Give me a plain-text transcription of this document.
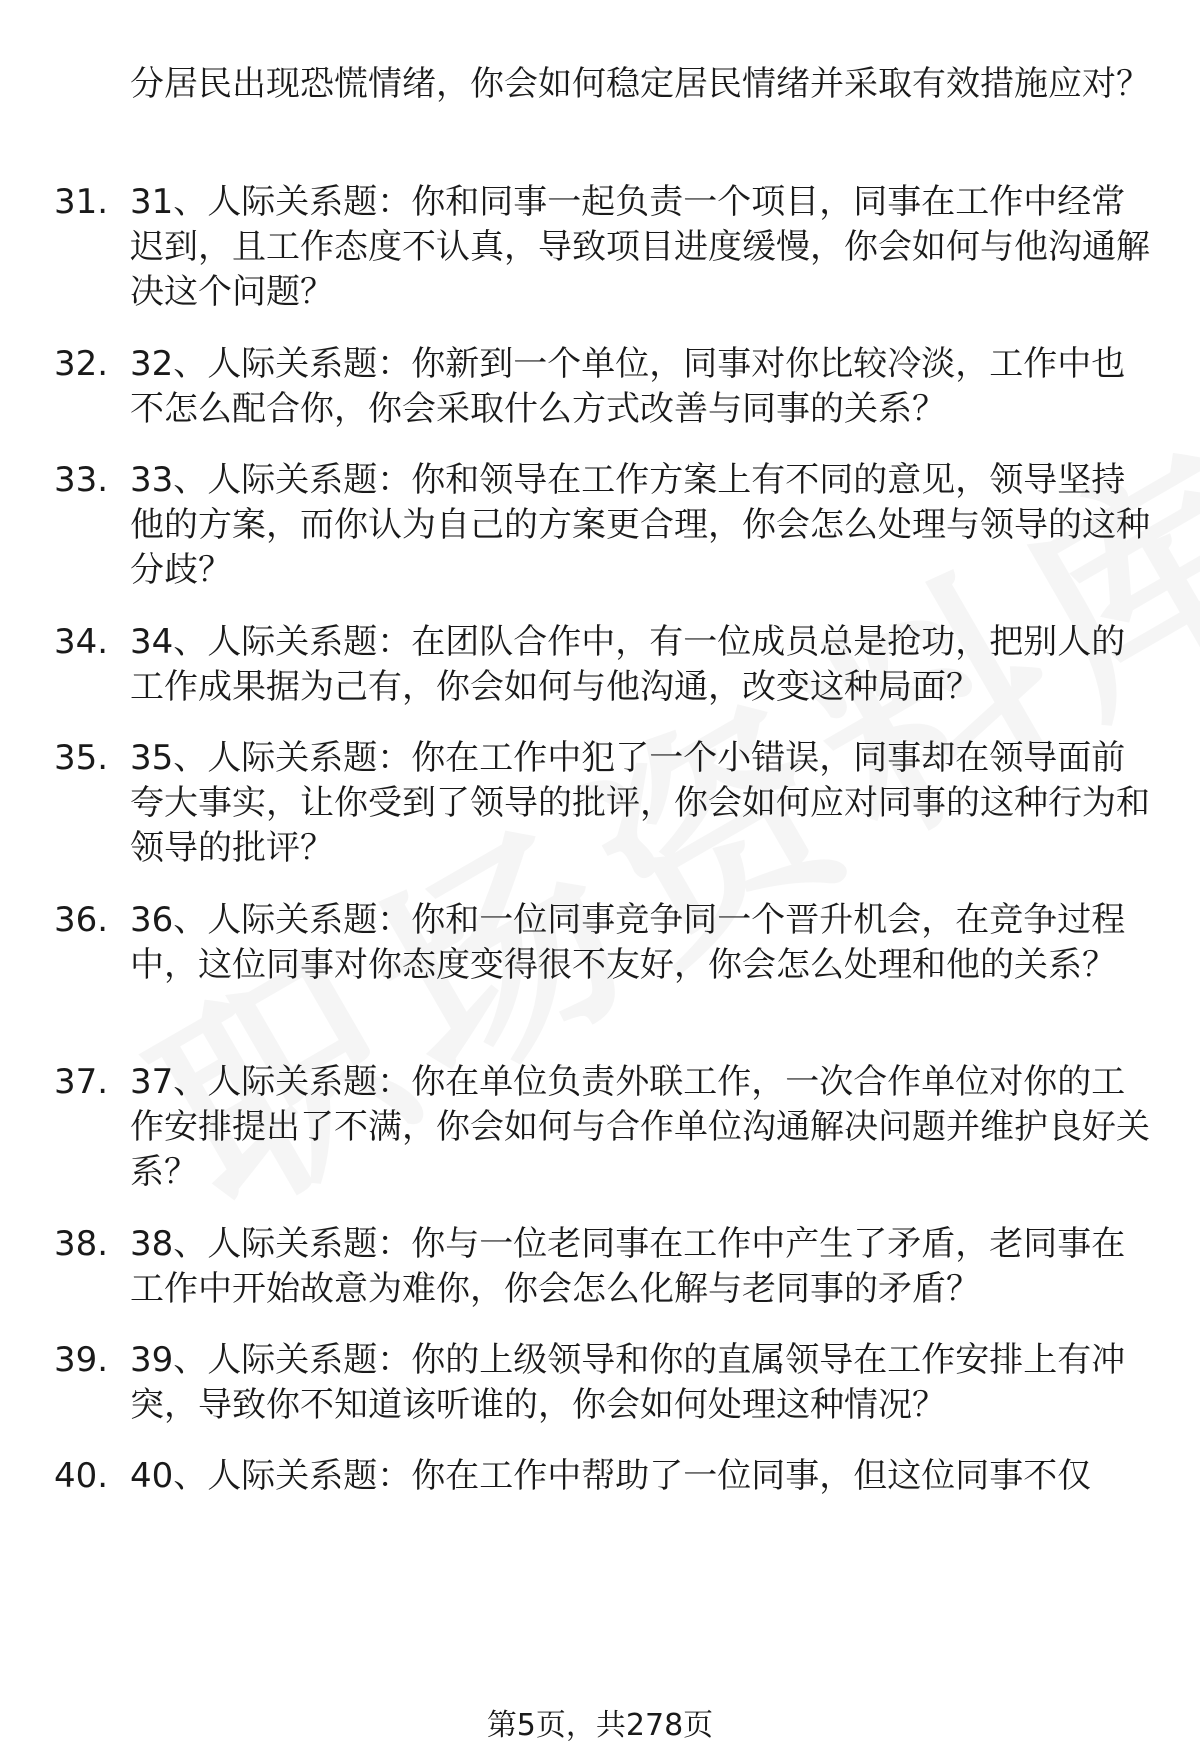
分居民出现恐慌情绪，你会如何稳定居民情绪并采取有效措施应对？

31. 31、人际关系题：你和同事一起负责一个项目，同事在工作中经常迟到，且工作态度不认真，导致项目进度缓慢，你会如何与他沟通解决这个问题？
32. 32、人际关系题：你新到一个单位，同事对你比较冷淡，工作中也不怎么配合你，你会采取什么方式改善与同事的关系？
33. 33、人际关系题：你和领导在工作方案上有不同的意见，领导坚持他的方案，而你认为自己的方案更合理，你会怎么处理与领导的这种分歧？
34. 34、人际关系题：在团队合作中，有一位成员总是抢功，把别人的工作成果据为己有，你会如何与他沟通，改变这种局面？
35. 35、人际关系题：你在工作中犯了一个小错误，同事却在领导面前夸大事实，让你受到了领导的批评，你会如何应对同事的这种行为和领导的批评？
36. 36、人际关系题：你和一位同事竞争同一个晋升机会，在竞争过程中，这位同事对你态度变得很不友好，你会怎么处理和他的关系？
37. 37、人际关系题：你在单位负责外联工作，一次合作单位对你的工作安排提出了不满，你会如何与合作单位沟通解决问题并维护良好关系？
38. 38、人际关系题：你与一位老同事在工作中产生了矛盾，老同事在工作中开始故意为难你，你会怎么化解与老同事的矛盾？
39. 39、人际关系题：你的上级领导和你的直属领导在工作安排上有冲突，导致你不知道该听谁的，你会如何处理这种情况？
40. 40、人际关系题：你在工作中帮助了一位同事，但这位同事不仅
第5页，共278页
